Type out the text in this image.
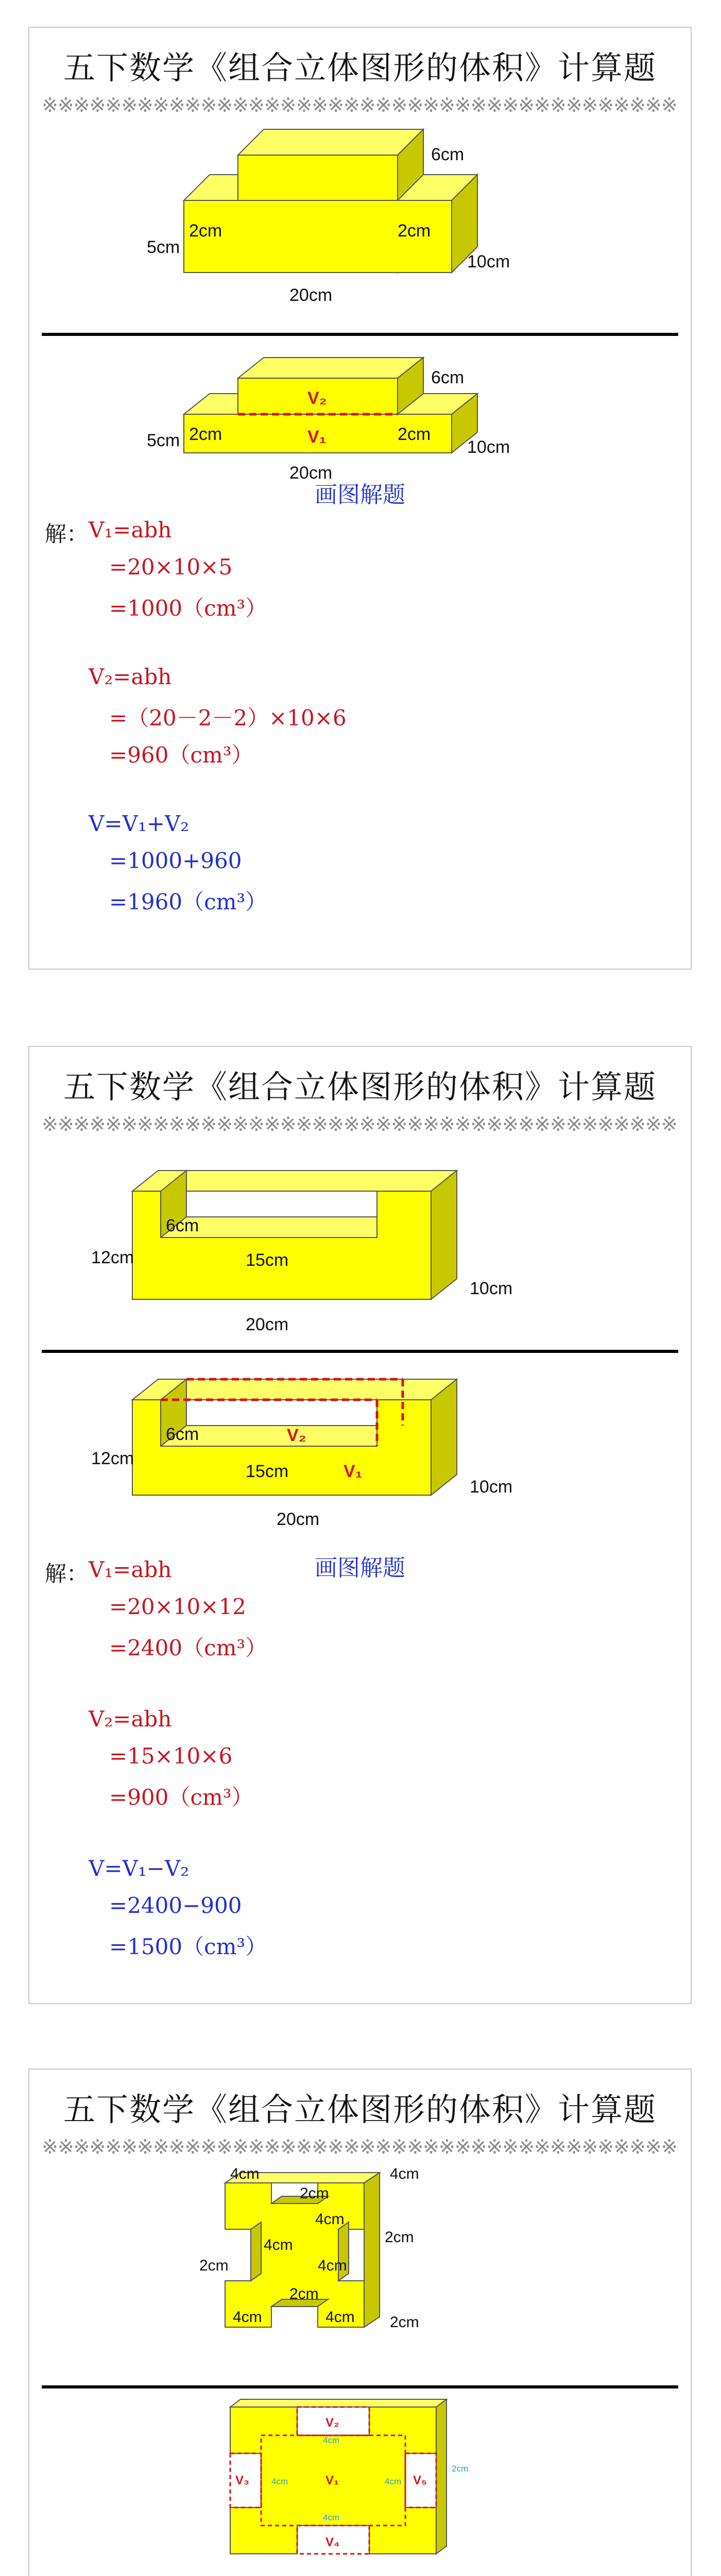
五下数学《组合立体图形的体积》计算题
※※※※※※※※※※※※※※※※※※※※※※※※※※※※※※※※※※※※※※※※
6cm
2cm	2cm
5cm
10cm
20cm
V₂
V₁
6cm
2cm	2cm
5cm	10cm
20cm
画图解题
解： V₁=abh
=20×10×5
=1000（cm³）
V₂=abh
=（20－2－2）×10×6
=960（cm³）
V=V₁+V₂
=1000+960
=1960（cm³）
五下数学《组合立体图形的体积》计算题
※※※※※※※※※※※※※※※※※※※※※※※※※※※※※※※※※※※※※※※※
6cm
12cm	15cm
10cm
20cm
6cm	V₂
12cm
15cm	V₁
10cm
20cm
画图解题
解： V₁=abh
=20×10×12
=2400（cm³）
V₂=abh
=15×10×6
=900（cm³）
V=V₁−V₂
=2400−900
=1500（cm³）
五下数学《组合立体图形的体积》计算题
※※※※※※※※※※※※※※※※※※※※※※※※※※※※※※※※※※※※※※※※
4cm	4cm
2cm
4cm
4cm
4cm
2cm
2cm
4cm	4cm
2cm
2cm
V₂
V₁
V₃	V₅
V₄
4cm
4cm	4cm
4cm
2cm
